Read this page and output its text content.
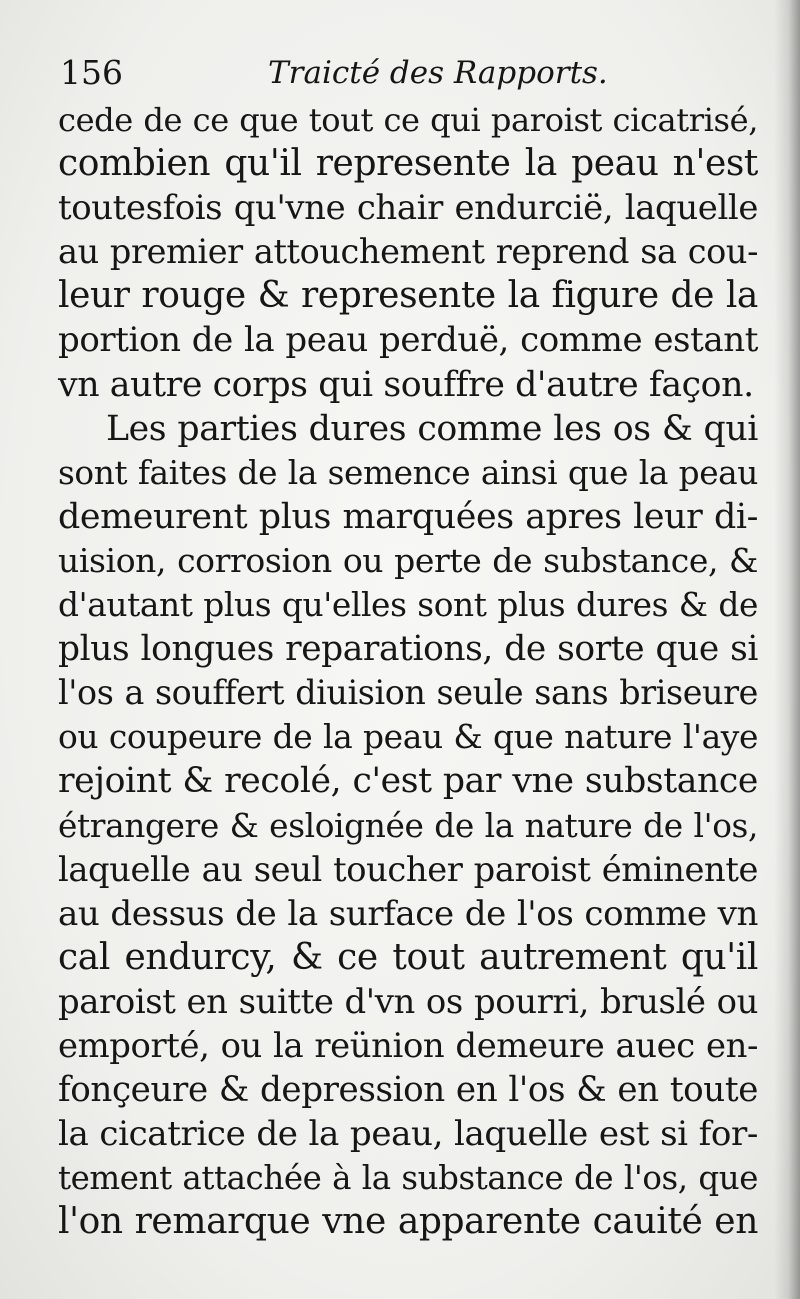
156	Traicté des Rapports.
cede de ce que tout ce qui paroist cicatrisé,
combien qu'il represente la peau n'est
toutesfois qu'vne chair endurcië, laquelle
au premier attouchement reprend sa cou-
leur rouge & represente la figure de la
portion de la peau perduë, comme estant
vn autre corps qui souffre d'autre façon.
Les parties dures comme les os & qui
sont faites de la semence ainsi que la peau
demeurent plus marquées apres leur di-
uision, corrosion ou perte de substance, &
d'autant plus qu'elles sont plus dures & de
plus longues reparations, de sorte que si
l'os a souffert diuision seule sans briseure
ou coupeure de la peau & que nature l'aye
rejoint & recolé, c'est par vne substance
étrangere & esloignée de la nature de l'os,
laquelle au seul toucher paroist éminente
au dessus de la surface de l'os comme vn
cal endurcy, & ce tout autrement qu'il
paroist en suitte d'vn os pourri, bruslé ou
emporté, ou la reünion demeure auec en-
fonçeure & depression en l'os & en toute
la cicatrice de la peau, laquelle est si for-
tement attachée à la substance de l'os, que
l'on remarque vne apparente cauité en
